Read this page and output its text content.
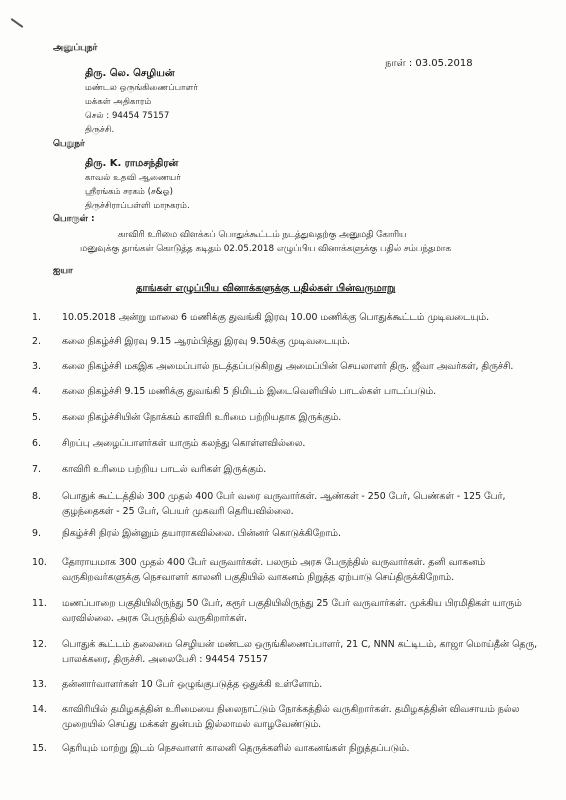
நாள் : 03.05.2018
அனுப்புநர்
திரு. லெ. செழியன்
மண்டல ஒருங்கிணைப்பாளர்
மக்கள் அதிகாரம்
செல் : 94454 75157
திருச்சி.
பெறுநர்
திரு. K. ராமசந்திரன்
காவல் உதவி ஆணையர்
ஸ்ரீரங்கம் சரகம் (ச&ஓ)
திருச்சிராப்பள்ளி மாநகரம்.
பொருள் :
காவிரி உரிமை விளக்கப் பொதுக்கூட்டம் நடத்துவதற்கு அனுமதி கோரிய
மனுவுக்கு தாங்கள் கொடுத்த கடிதம் 02.05.2018 எழுப்பிய வினாக்களுக்கு பதில் சம்பந்தமாக
ஐயா
தாங்கள் எழுப்பிய வினாக்களுக்கு பதில்கள் பின்வருமாறு
1.	10.05.2018 அன்று மாலை 6 மணிக்கு துவங்கி இரவு 10.00 மணிக்கு பொதுக்கூட்டம் முடிவடையும்.
2.	கலை நிகழ்ச்சி இரவு 9.15 ஆரம்பித்து இரவு 9.50க்கு முடிவடையும்.
3.	கலை நிகழ்ச்சி மகஇக அமைப்பால் நடத்தப்படுகிறது அமைப்பின் செயலாளர் திரு. ஜீவா அவர்கள், திருச்சி.
4.	கலை நிகழ்ச்சி 9.15 மணிக்கு துவங்கி 5 நிமிடம் இடைவெளியில் பாடல்கள் பாடப்படும்.
5.	கலை நிகழ்ச்சியின் நோக்கம் காவிரி உரிமை பற்றியதாக இருக்கும்.
6.	சிறப்பு அழைப்பாளர்கள் யாரும் கலந்து கொள்ளவில்லை.
7.	காவிரி உரிமை பற்றிய பாடல் வரிகள் இருக்கும்.
8.	பொதுக் கூட்டத்தில் 300 முதல் 400 பேர் வரை வருவார்கள். ஆண்கள் - 250 பேர், பெண்கள் - 125 பேர், குழந்தைகள் - 25 பேர், பெயர் முகவரி தெரியவில்லை.
9.	நிகழ்ச்சி நிரல் இன்னும் தயாராகவில்லை. பின்னர் கொடுக்கிறோம்.
10.	தோராயமாக 300 முதல் 400 பேர் வருவார்கள். பலரும் அரசு பேருந்தில் வருவார்கள். தனி வாகனம் வருகிறவர்களுக்கு நெசவாளர் காலனி பகுதியில் வாகனம் நிறுத்த ஏற்பாடு செய்திருக்கிறோம்.
11.	மணப்பாறை பகுதியிலிருந்து 50 பேர், கரூர் பகுதியிலிருந்து 25 பேர் வருவார்கள். முக்கிய பிரமிதிகள் யாரும் வரவில்லை. அரசு பேருந்தில் வருகிறார்கள்.
12.	பொதுக் கூட்டம் தலைமை செழியன் மண்டல ஒருங்கிணைப்பாளர், 21 C, NNN கட்டிடம், காஜா மொய்தீன் தெரு, பாலக்கரை, திருச்சி. அலைபேசி : 94454 75157
13.	தன்னார்வாளர்கள் 10 பேர் ஒழுங்குபடுத்த ஒதுக்கி உள்ளோம்.
14.	காவிரியில் தமிழகத்தின் உரிமையை நிலைநாட்டும் நோக்கத்தில் வருகிறார்கள். தமிழகத்தின் விவசாயம் நல்ல முறையில் செய்து மக்கள் துன்பம் இல்லாமல் வாழவேண்டும்.
15.	தெரியும் மாற்று இடம் நெசவாளர் காலனி தெருக்களில் வாகனங்கள் நிறுத்தப்படும்.
